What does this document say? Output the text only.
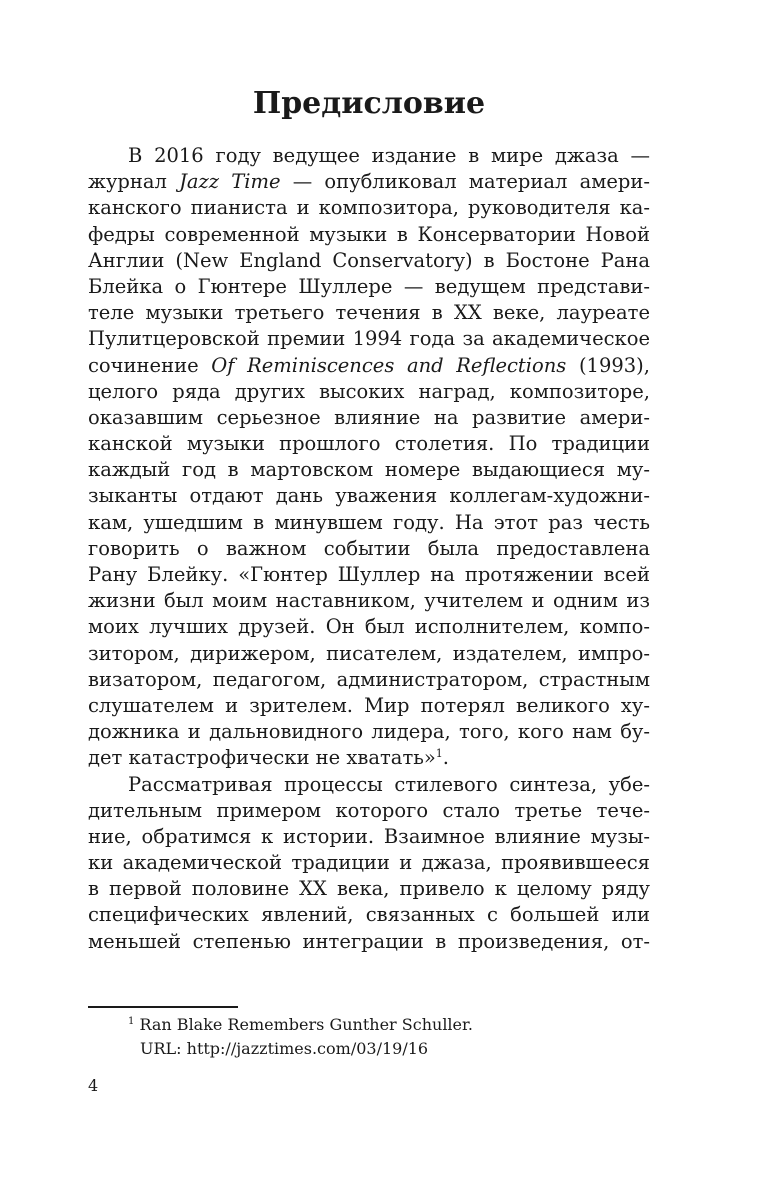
Предисловие
В 2016 году ведущее издание в мире джаза —
журнал Jazz Time — опубликовал материал амери-
канского пианиста и композитора, руководителя ка-
федры современной музыки в Консерватории Новой
Англии (New England Conservatory) в Бостоне Рана
Блейка о Гюнтере Шуллере — ведущем представи-
теле музыки третьего течения в XX веке, лауреате
Пулитцеровской премии 1994 года за академическое
сочинение Of Reminiscences and Reflections (1993),
целого ряда других высоких наград, композиторе,
оказавшим серьезное влияние на развитие амери-
канской музыки прошлого столетия. По традиции
каждый год в мартовском номере выдающиеся му-
зыканты отдают дань уважения коллегам-художни-
кам, ушедшим в минувшем году. На этот раз честь
говорить о важном событии была предоставлена
Рану Блейку. «Гюнтер Шуллер на протяжении всей
жизни был моим наставником, учителем и одним из
моих лучших друзей. Он был исполнителем, компо-
зитором, дирижером, писателем, издателем, импро-
визатором, педагогом, администратором, страстным
слушателем и зрителем. Мир потерял великого ху-
дожника и дальновидного лидера, того, кого нам бу-
дет катастрофически не хватать»$^1$.
Рассматривая процессы стилевого синтеза, убе-
дительным примером которого стало третье тече-
ние, обратимся к истории. Взаимное влияние музы-
ки академической традиции и джаза, проявившееся
в первой половине XX века, привело к целому ряду
специфических явлений, связанных с большей или
меньшей степенью интеграции в произведения, от-
$^1$ Ran Blake Remembers Gunther Schuller.
URL: http://jazztimes.com/03/19/16
4
